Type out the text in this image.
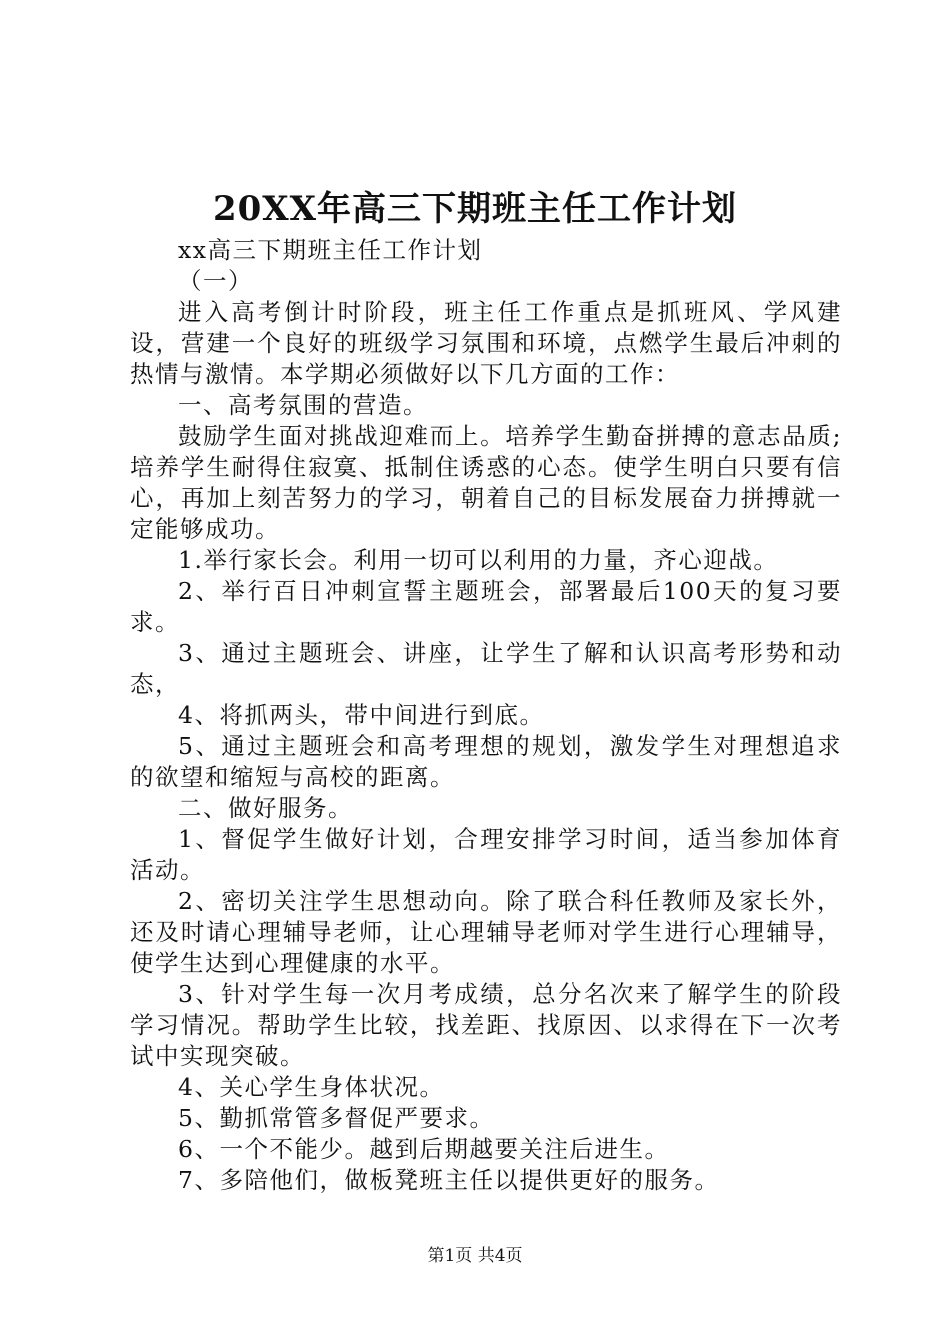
20XX年高三下期班主任工作计划

xx高三下期班主任工作计划

（一）

进入高考倒计时阶段，班主任工作重点是抓班风、学风建设，营建一个良好的班级学习氛围和环境，点燃学生最后冲刺的热情与激情。本学期必须做好以下几方面的工作：

一、高考氛围的营造。

鼓励学生面对挑战迎难而上。培养学生勤奋拼搏的意志品质;培养学生耐得住寂寞、抵制住诱惑的心态。使学生明白只要有信心，再加上刻苦努力的学习，朝着自己的目标发展奋力拼搏就一定能够成功。

1.举行家长会。利用一切可以利用的力量，齐心迎战。

2、举行百日冲刺宣誓主题班会，部署最后100天的复习要求。

3、通过主题班会、讲座，让学生了解和认识高考形势和动态，

4、将抓两头，带中间进行到底。

5、通过主题班会和高考理想的规划，激发学生对理想追求的欲望和缩短与高校的距离。

二、做好服务。

1、督促学生做好计划，合理安排学习时间，适当参加体育活动。

2、密切关注学生思想动向。除了联合科任教师及家长外，还及时请心理辅导老师，让心理辅导老师对学生进行心理辅导，使学生达到心理健康的水平。

3、针对学生每一次月考成绩，总分名次来了解学生的阶段学习情况。帮助学生比较，找差距、找原因、以求得在下一次考试中实现突破。

4、关心学生身体状况。

5、勤抓常管多督促严要求。

6、一个不能少。越到后期越要关注后进生。

7、多陪他们，做板凳班主任以提供更好的服务。

第1页 共4页
